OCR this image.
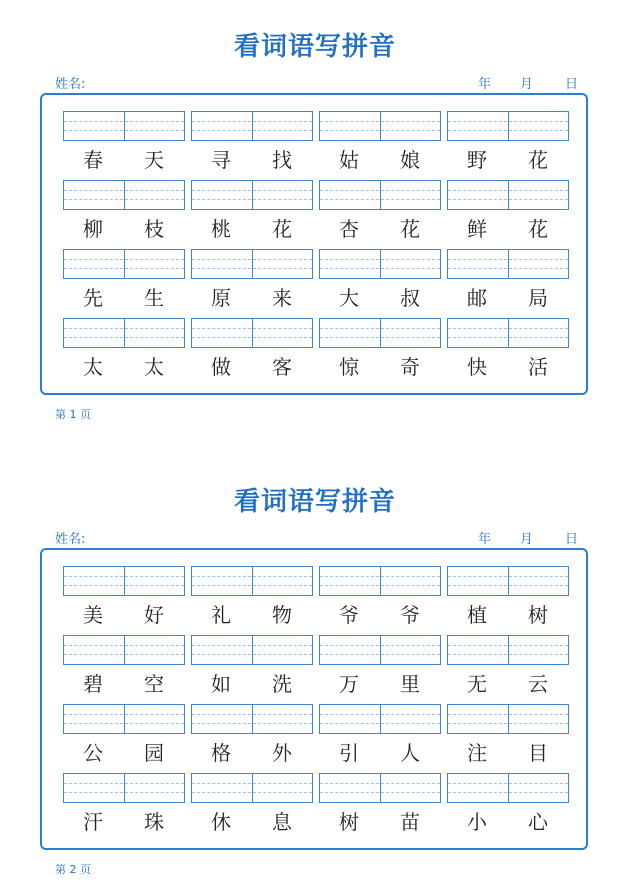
看词语写拼音
姓名:	年 月 日
春	天	寻	找	姑	娘	野	花
柳	枝	桃	花	杏	花	鲜	花
先	生	原	来	大	叔	邮	局
太	太	做	客	惊	奇	快	活
第 1 页
看词语写拼音
姓名:	年 月 日
美	好	礼	物	爷	爷	植	树
碧	空	如	洗	万	里	无	云
公	园	格	外	引	人	注	目
汗	珠	休	息	树	苗	小	心
第 2 页
